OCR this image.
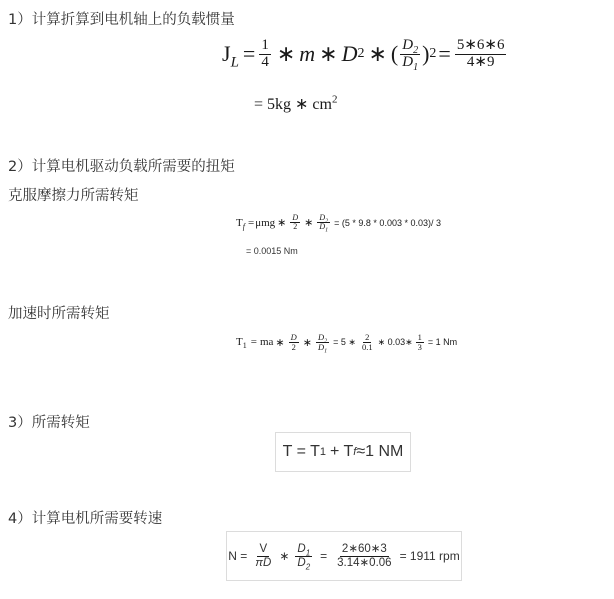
1）计算折算到电机轴上的负载惯量
$J_L = \frac{1}{4}$ ∗ m ∗ D 2 ∗ ( $\frac{D_2}{D_1}$ ) $2 = \frac{5∗6∗6}{4∗9}$
= 5kg ∗ $cm^2$
2）计算电机驱动负载所需要的扭矩
克服摩擦力所需转矩
$T_f = \mu mg$ ∗ $\frac{D}{2}$ ∗ $\frac{D_2}{D_1} = (5 * 9.8 * 0.003 * 0.03)/$ 3
= 0.0015 Nm
加速时所需转矩
$T_1$ = ma ∗ $\frac{D}{2}$ ∗ $\frac{D_2}{D_1} = 5$ ∗ $\frac{2}{0.1}$ ∗ 0.03∗ $\frac{1}{3} = 1$ Nm
3）所需转矩
T = T 1 + T f ≈1 NM
4）计算电机所需要转速
$N = \frac{V}{\pi D}$ ∗ $\frac{D_1}{D_2} = \frac{2∗60∗3}{3.14∗0.06} = 1911$ rpm
